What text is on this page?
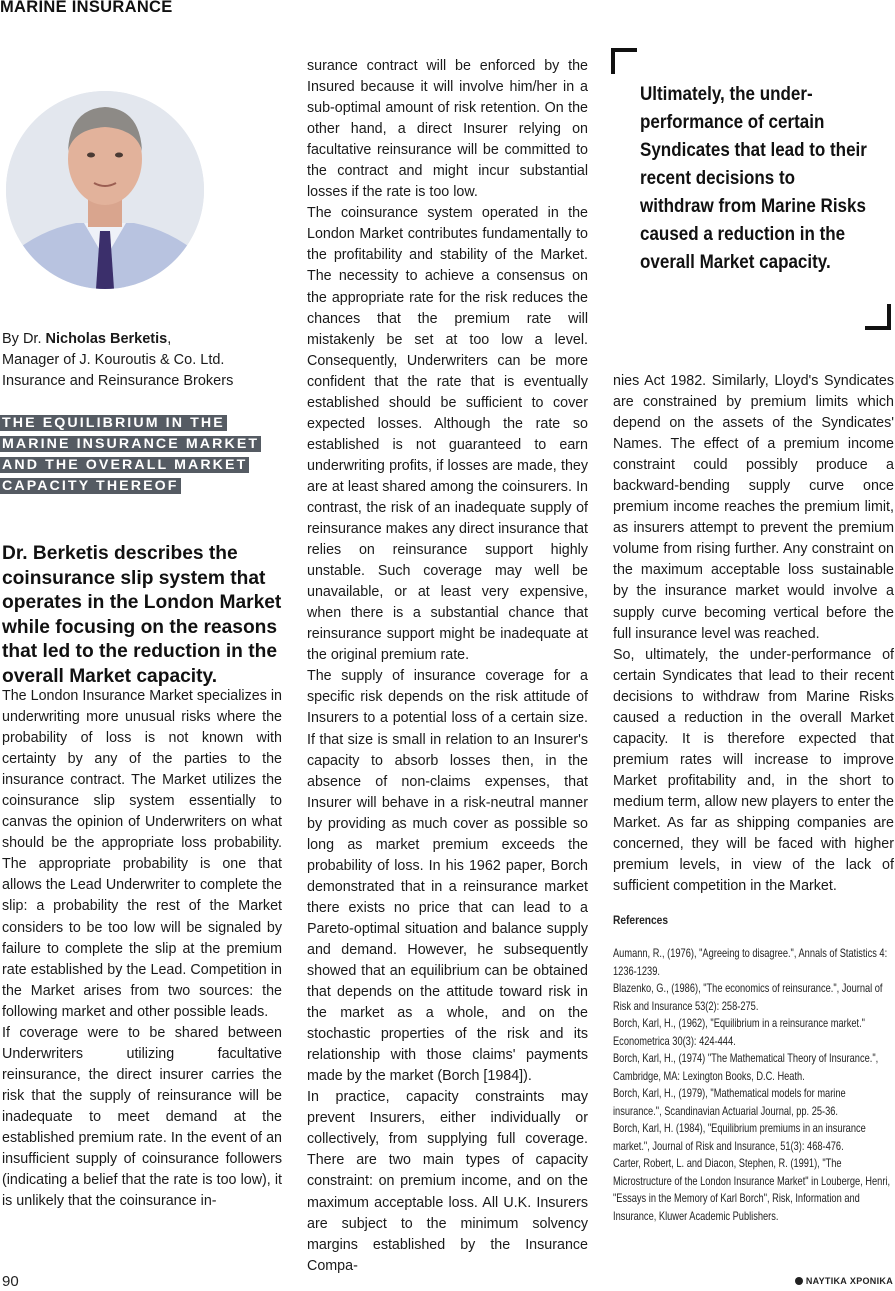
MARINE INSURANCE
By Dr. Nicholas Berketis,
Manager of J. Kouroutis & Co. Ltd.
Insurance and Reinsurance Brokers
THE EQUILIBRIUM IN THE
MARINE INSURANCE MARKET
AND THE OVERALL MARKET
CAPACITY THEREOF
Dr. Berketis describes the coinsurance slip system that operates in the London Market while focusing on the reasons that led to the reduction in the overall Market capacity.

The London Insurance Market specializes in underwriting more unusual risks where the probability of loss is not known with certainty by any of the parties to the insurance contract. The Market utilizes the coinsurance slip system essentially to canvas the opinion of Underwriters on what should be the appropriate loss probability. The appropriate probability is one that allows the Lead Underwriter to complete the slip: a probability the rest of the Market considers to be too low will be signaled by failure to complete the slip at the premium rate established by the Lead. Competition in the Market arises from two sources: the following market and other possible leads.

If coverage were to be shared between Underwriters utilizing facultative reinsurance, the direct insurer carries the risk that the supply of reinsurance will be inadequate to meet demand at the established premium rate. In the event of an insufficient supply of coinsurance followers (indicating a belief that the rate is too low), it is unlikely that the coinsurance in-

surance contract will be enforced by the Insured because it will involve him/her in a sub-optimal amount of risk retention. On the other hand, a direct Insurer relying on facultative reinsurance will be committed to the contract and might incur substantial losses if the rate is too low.

The coinsurance system operated in the London Market contributes fundamentally to the profitability and stability of the Market. The necessity to achieve a consensus on the appropriate rate for the risk reduces the chances that the premium rate will mistakenly be set at too low a level. Consequently, Underwriters can be more confident that the rate that is eventually established should be sufficient to cover expected losses. Although the rate so established is not guaranteed to earn underwriting profits, if losses are made, they are at least shared among the coinsurers. In contrast, the risk of an inadequate supply of reinsurance makes any direct insurance that relies on reinsurance support highly unstable. Such coverage may well be unavailable, or at least very expensive, when there is a substantial chance that reinsurance support might be inadequate at the original premium rate.

The supply of insurance coverage for a specific risk depends on the risk attitude of Insurers to a potential loss of a certain size. If that size is small in relation to an Insurer's capacity to absorb losses then, in the absence of non-claims expenses, that Insurer will behave in a risk-neutral manner by providing as much cover as possible so long as market premium exceeds the probability of loss. In his 1962 paper, Borch demonstrated that in a reinsurance market there exists no price that can lead to a Pareto-optimal situation and balance supply and demand. However, he subsequently showed that an equilibrium can be obtained that depends on the attitude toward risk in the market as a whole, and on the stochastic properties of the risk and its relationship with those claims' payments made by the market (Borch [1984]).

In practice, capacity constraints may prevent Insurers, either individually or collectively, from supplying full coverage. There are two main types of capacity constraint: on premium income, and on the maximum acceptable loss. All U.K. Insurers are subject to the minimum solvency margins established by the Insurance Compa-

Ultimately, the under-performance of certain Syndicates that lead to their recent decisions to withdraw from Marine Risks caused a reduction in the overall Market capacity.

nies Act 1982. Similarly, Lloyd's Syndicates are constrained by premium limits which depend on the assets of the Syndicates' Names. The effect of a premium income constraint could possibly produce a backward-bending supply curve once premium income reaches the premium limit, as insurers attempt to prevent the premium volume from rising further. Any constraint on the maximum acceptable loss sustainable by the insurance market would involve a supply curve becoming vertical before the full insurance level was reached.

So, ultimately, the under-performance of certain Syndicates that lead to their recent decisions to withdraw from Marine Risks caused a reduction in the overall Market capacity. It is therefore expected that premium rates will increase to improve Market profitability and, in the short to medium term, allow new players to enter the Market. As far as shipping companies are concerned, they will be faced with higher premium levels, in view of the lack of sufficient competition in the Market.

References
Aumann, R., (1976), "Agreeing to disagree.", Annals of Statistics 4: 1236-1239.
Blazenko, G., (1986), "The economics of reinsurance.", Journal of Risk and Insurance 53(2): 258-275.
Borch, Karl, H., (1962), "Equilibrium in a reinsurance market." Econometrica 30(3): 424-444.
Borch, Karl, H., (1974) "The Mathematical Theory of Insurance.", Cambridge, MA: Lexington Books, D.C. Heath.
Borch, Karl, H., (1979), "Mathematical models for marine insurance.", Scandinavian Actuarial Journal, pp. 25-36.
Borch, Karl, H. (1984), "Equilibrium premiums in an insurance market.", Journal of Risk and Insurance, 51(3): 468-476.
Carter, Robert, L. and Diacon, Stephen, R. (1991), "The Microstructure of the London Insurance Market" in Louberge, Henri, "Essays in the Memory of Karl Borch", Risk, Information and Insurance, Kluwer Academic Publishers.
90	ΝΑΥΤΙΚΑ ΧΡΟΝΙΚΑ
